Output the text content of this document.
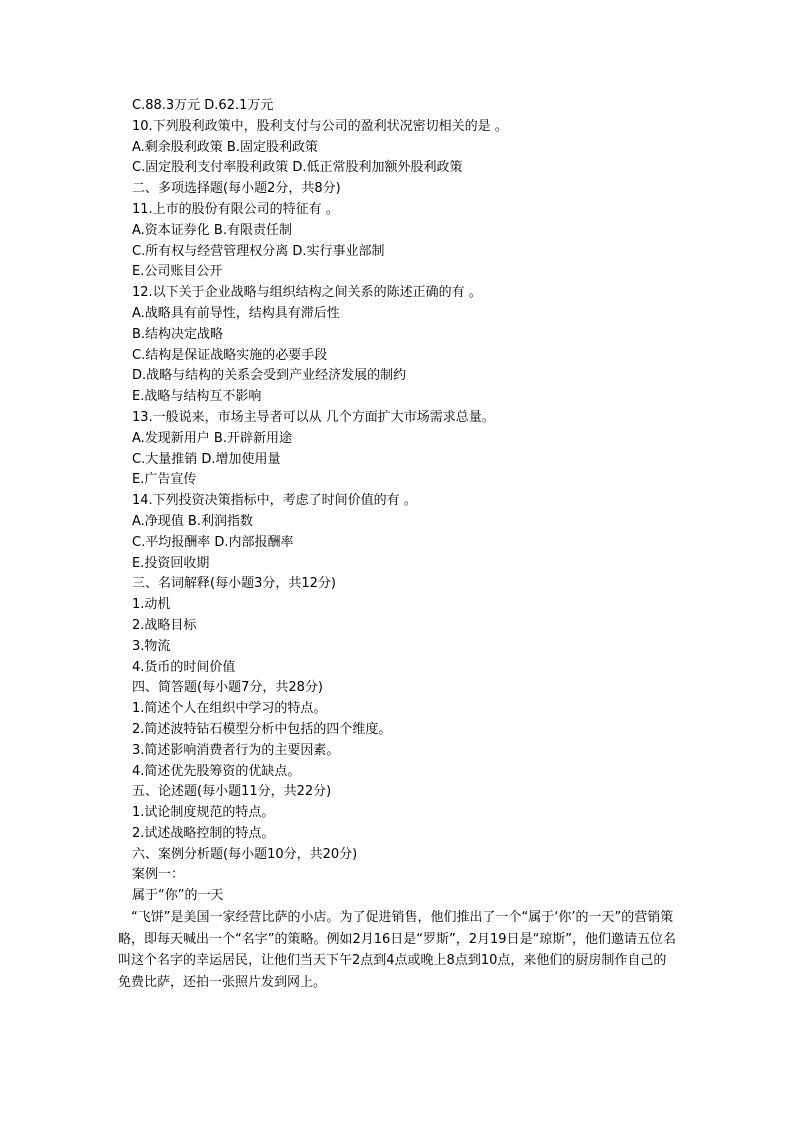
C.88.3万元 D.62.1万元
10.下列股利政策中，股利支付与公司的盈利状况密切相关的是 。
A.剩余股利政策 B.固定股利政策
C.固定股利支付率股利政策 D.低正常股利加额外股利政策
二、多项选择题(每小题2分，共8分)
11.上市的股份有限公司的特征有 。
A.资本证券化 B.有限责任制
C.所有权与经营管理权分离 D.实行事业部制
E.公司账目公开
12.以下关于企业战略与组织结构之间关系的陈述正确的有 。
A.战略具有前导性，结构具有滞后性
B.结构决定战略
C.结构是保证战略实施的必要手段
D.战略与结构的关系会受到产业经济发展的制约
E.战略与结构互不影响
13.一般说来，市场主导者可以从 几个方面扩大市场需求总量。
A.发现新用户 B.开辟新用途
C.大量推销 D.增加使用量
E.广告宣传
14.下列投资决策指标中，考虑了时间价值的有 。
A.净现值 B.利润指数
C.平均报酬率 D.内部报酬率
E.投资回收期
三、名词解释(每小题3分，共12分)
1.动机
2.战略目标
3.物流
4.货币的时间价值
四、简答题(每小题7分，共28分)
1.简述个人在组织中学习的特点。
2.简述波特钻石模型分析中包括的四个维度。
3.简述影响消费者行为的主要因素。
4.简述优先股筹资的优缺点。
五、论述题(每小题11分，共22分)
1.试论制度规范的特点。
2.试述战略控制的特点。
六、案例分析题(每小题10分，共20分)
案例一：
属于“你”的一天

“飞饼”是美国一家经营比萨的小店。为了促进销售，他们推出了一个“属于‘你’的一天”的营销策略，即每天喊出一个“名字”的策略。例如2月16日是“罗斯”，2月19日是“琼斯”，他们邀请五位名叫这个名字的幸运居民，让他们当天下午2点到4点或晚上8点到10点，来他们的厨房制作自己的免费比萨，还拍一张照片发到网上。
